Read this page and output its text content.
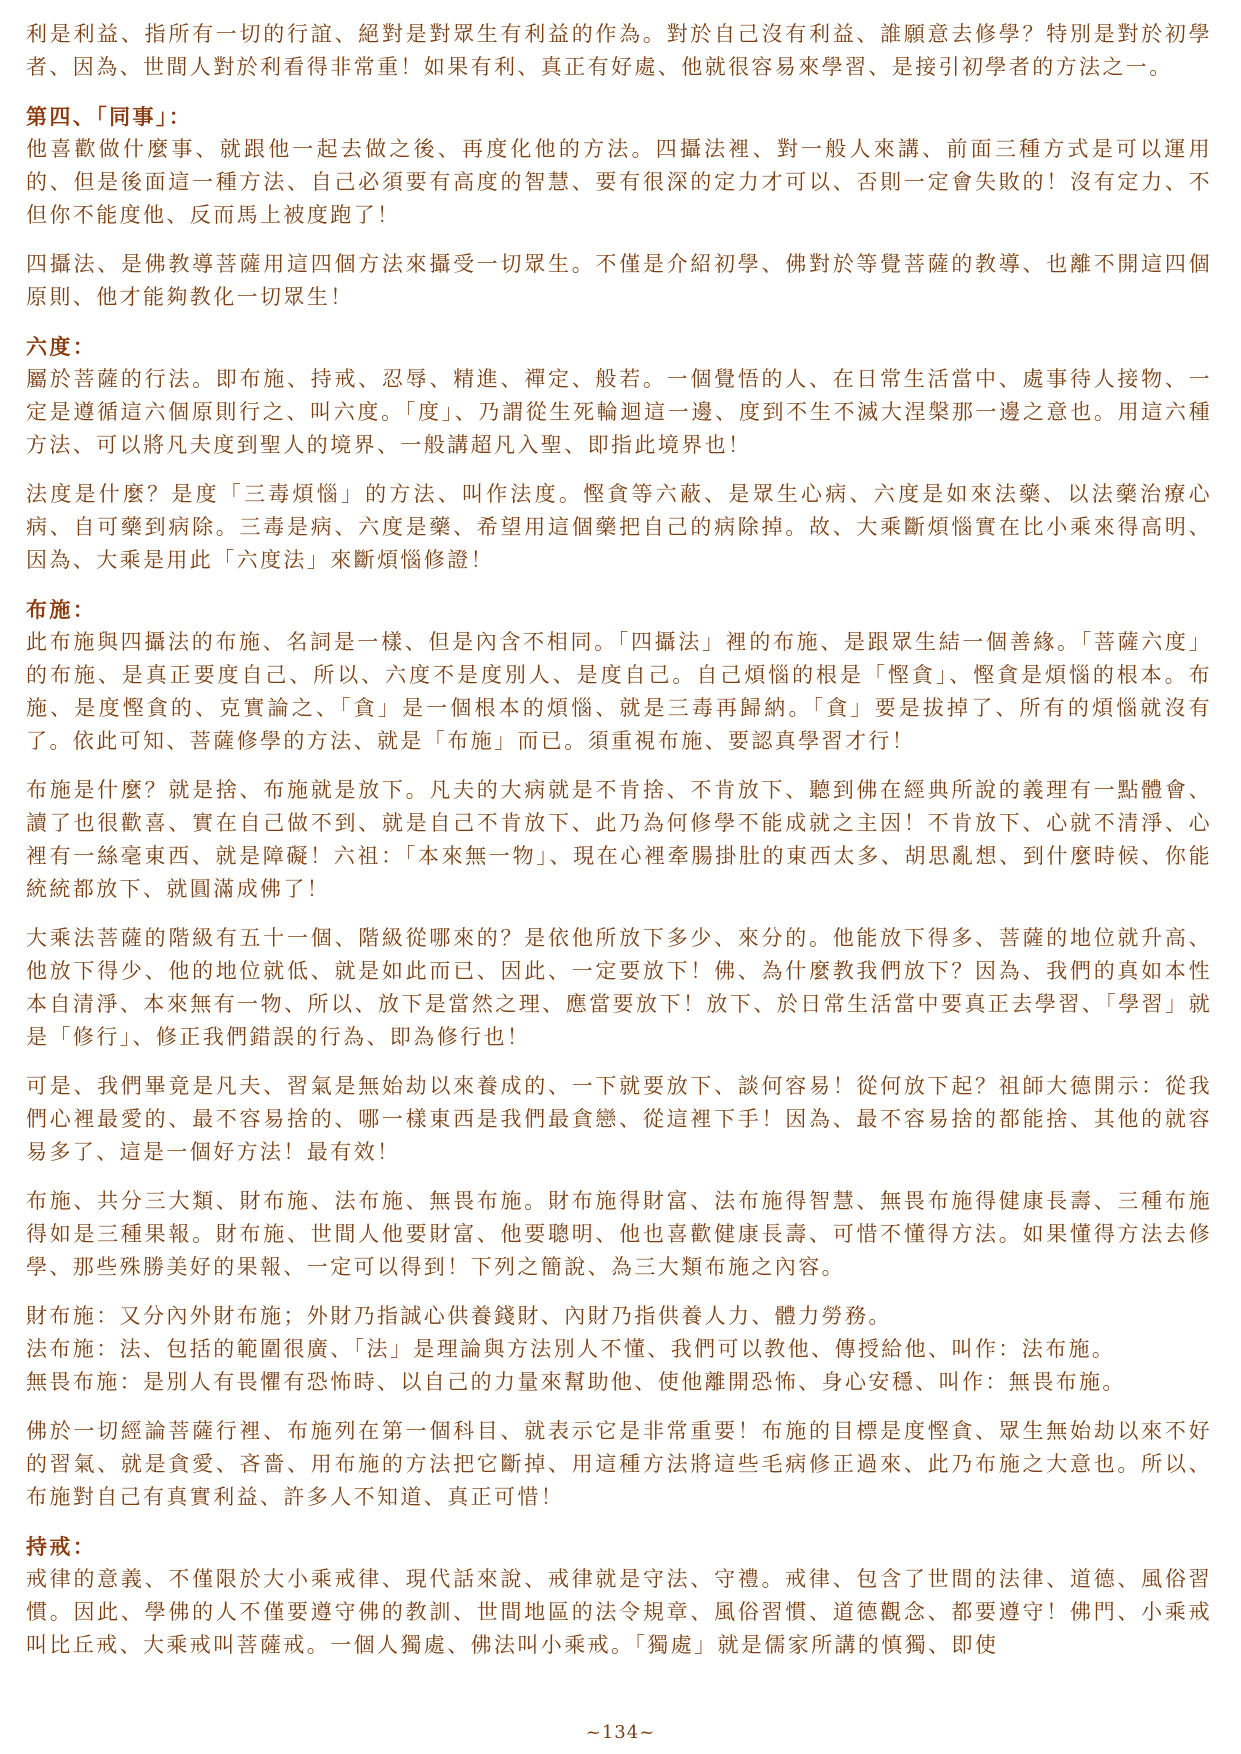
利是利益、指所有一切的行誼、絕對是對眾生有利益的作為。對於自己沒有利益、誰願意去修學？特別是對於初學者、因為、世間人對於利看得非常重！如果有利、真正有好處、他就很容易來學習、是接引初學者的方法之一。

第四、「同事」：

他喜歡做什麼事、就跟他一起去做之後、再度化他的方法。四攝法裡、對一般人來講、前面三種方式是可以運用的、但是後面這一種方法、自己必須要有高度的智慧、要有很深的定力才可以、否則一定會失敗的！沒有定力、不但你不能度他、反而馬上被度跑了！

四攝法、是佛教導菩薩用這四個方法來攝受一切眾生。不僅是介紹初學、佛對於等覺菩薩的教導、也離不開這四個原則、他才能夠教化一切眾生！

六度：

屬於菩薩的行法。即布施、持戒、忍辱、精進、禪定、般若。一個覺悟的人、在日常生活當中、處事待人接物、一定是遵循這六個原則行之、叫六度。「度」、乃謂從生死輪迴這一邊、度到不生不滅大涅槃那一邊之意也。用這六種方法、可以將凡夫度到聖人的境界、一般講超凡入聖、即指此境界也！

法度是什麼？是度「三毒煩惱」的方法、叫作法度。慳貪等六蔽、是眾生心病、六度是如來法藥、以法藥治療心病、自可藥到病除。三毒是病、六度是藥、希望用這個藥把自己的病除掉。故、大乘斷煩惱實在比小乘來得高明、因為、大乘是用此「六度法」來斷煩惱修證！

布施：

此布施與四攝法的布施、名詞是一樣、但是內含不相同。「四攝法」裡的布施、是跟眾生結一個善緣。「菩薩六度」的布施、是真正要度自己、所以、六度不是度別人、是度自己。自己煩惱的根是「慳貪」、慳貪是煩惱的根本。布施、是度慳貪的、克實論之、「貪」是一個根本的煩惱、就是三毒再歸納。「貪」要是拔掉了、所有的煩惱就沒有了。依此可知、菩薩修學的方法、就是「布施」而已。須重視布施、要認真學習才行！

布施是什麼？就是捨、布施就是放下。凡夫的大病就是不肯捨、不肯放下、聽到佛在經典所說的義理有一點體會、讀了也很歡喜、實在自己做不到、就是自己不肯放下、此乃為何修學不能成就之主因！不肯放下、心就不清淨、心裡有一絲毫東西、就是障礙！六祖：「本來無一物」、現在心裡牽腸掛肚的東西太多、胡思亂想、到什麼時候、你能統統都放下、就圓滿成佛了！

大乘法菩薩的階級有五十一個、階級從哪來的？是依他所放下多少、來分的。他能放下得多、菩薩的地位就升高、他放下得少、他的地位就低、就是如此而已、因此、一定要放下！佛、為什麼教我們放下？因為、我們的真如本性本自清淨、本來無有一物、所以、放下是當然之理、應當要放下！放下、於日常生活當中要真正去學習、「學習」就是「修行」、修正我們錯誤的行為、即為修行也！

可是、我們畢竟是凡夫、習氣是無始劫以來養成的、一下就要放下、談何容易！從何放下起？祖師大德開示：從我們心裡最愛的、最不容易捨的、哪一樣東西是我們最貪戀、從這裡下手！因為、最不容易捨的都能捨、其他的就容易多了、這是一個好方法！最有效！

布施、共分三大類、財布施、法布施、無畏布施。財布施得財富、法布施得智慧、無畏布施得健康長壽、三種布施得如是三種果報。財布施、世間人他要財富、他要聰明、他也喜歡健康長壽、可惜不懂得方法。如果懂得方法去修學、那些殊勝美好的果報、一定可以得到！下列之簡說、為三大類布施之內容。

財布施：又分內外財布施；外財乃指誠心供養錢財、內財乃指供養人力、體力勞務。

法布施：法、包括的範圍很廣、「法」是理論與方法別人不懂、我們可以教他、傳授給他、叫作：法布施。

無畏布施：是別人有畏懼有恐怖時、以自己的力量來幫助他、使他離開恐怖、身心安穩、叫作：無畏布施。

佛於一切經論菩薩行裡、布施列在第一個科目、就表示它是非常重要！布施的目標是度慳貪、眾生無始劫以來不好的習氣、就是貪愛、吝嗇、用布施的方法把它斷掉、用這種方法將這些毛病修正過來、此乃布施之大意也。所以、布施對自己有真實利益、許多人不知道、真正可惜！

持戒：

戒律的意義、不僅限於大小乘戒律、現代話來說、戒律就是守法、守禮。戒律、包含了世間的法律、道德、風俗習慣。因此、學佛的人不僅要遵守佛的教訓、世間地區的法令規章、風俗習慣、道德觀念、都要遵守！佛門、小乘戒叫比丘戒、大乘戒叫菩薩戒。一個人獨處、佛法叫小乘戒。「獨處」就是儒家所講的慎獨、即使

~134~
